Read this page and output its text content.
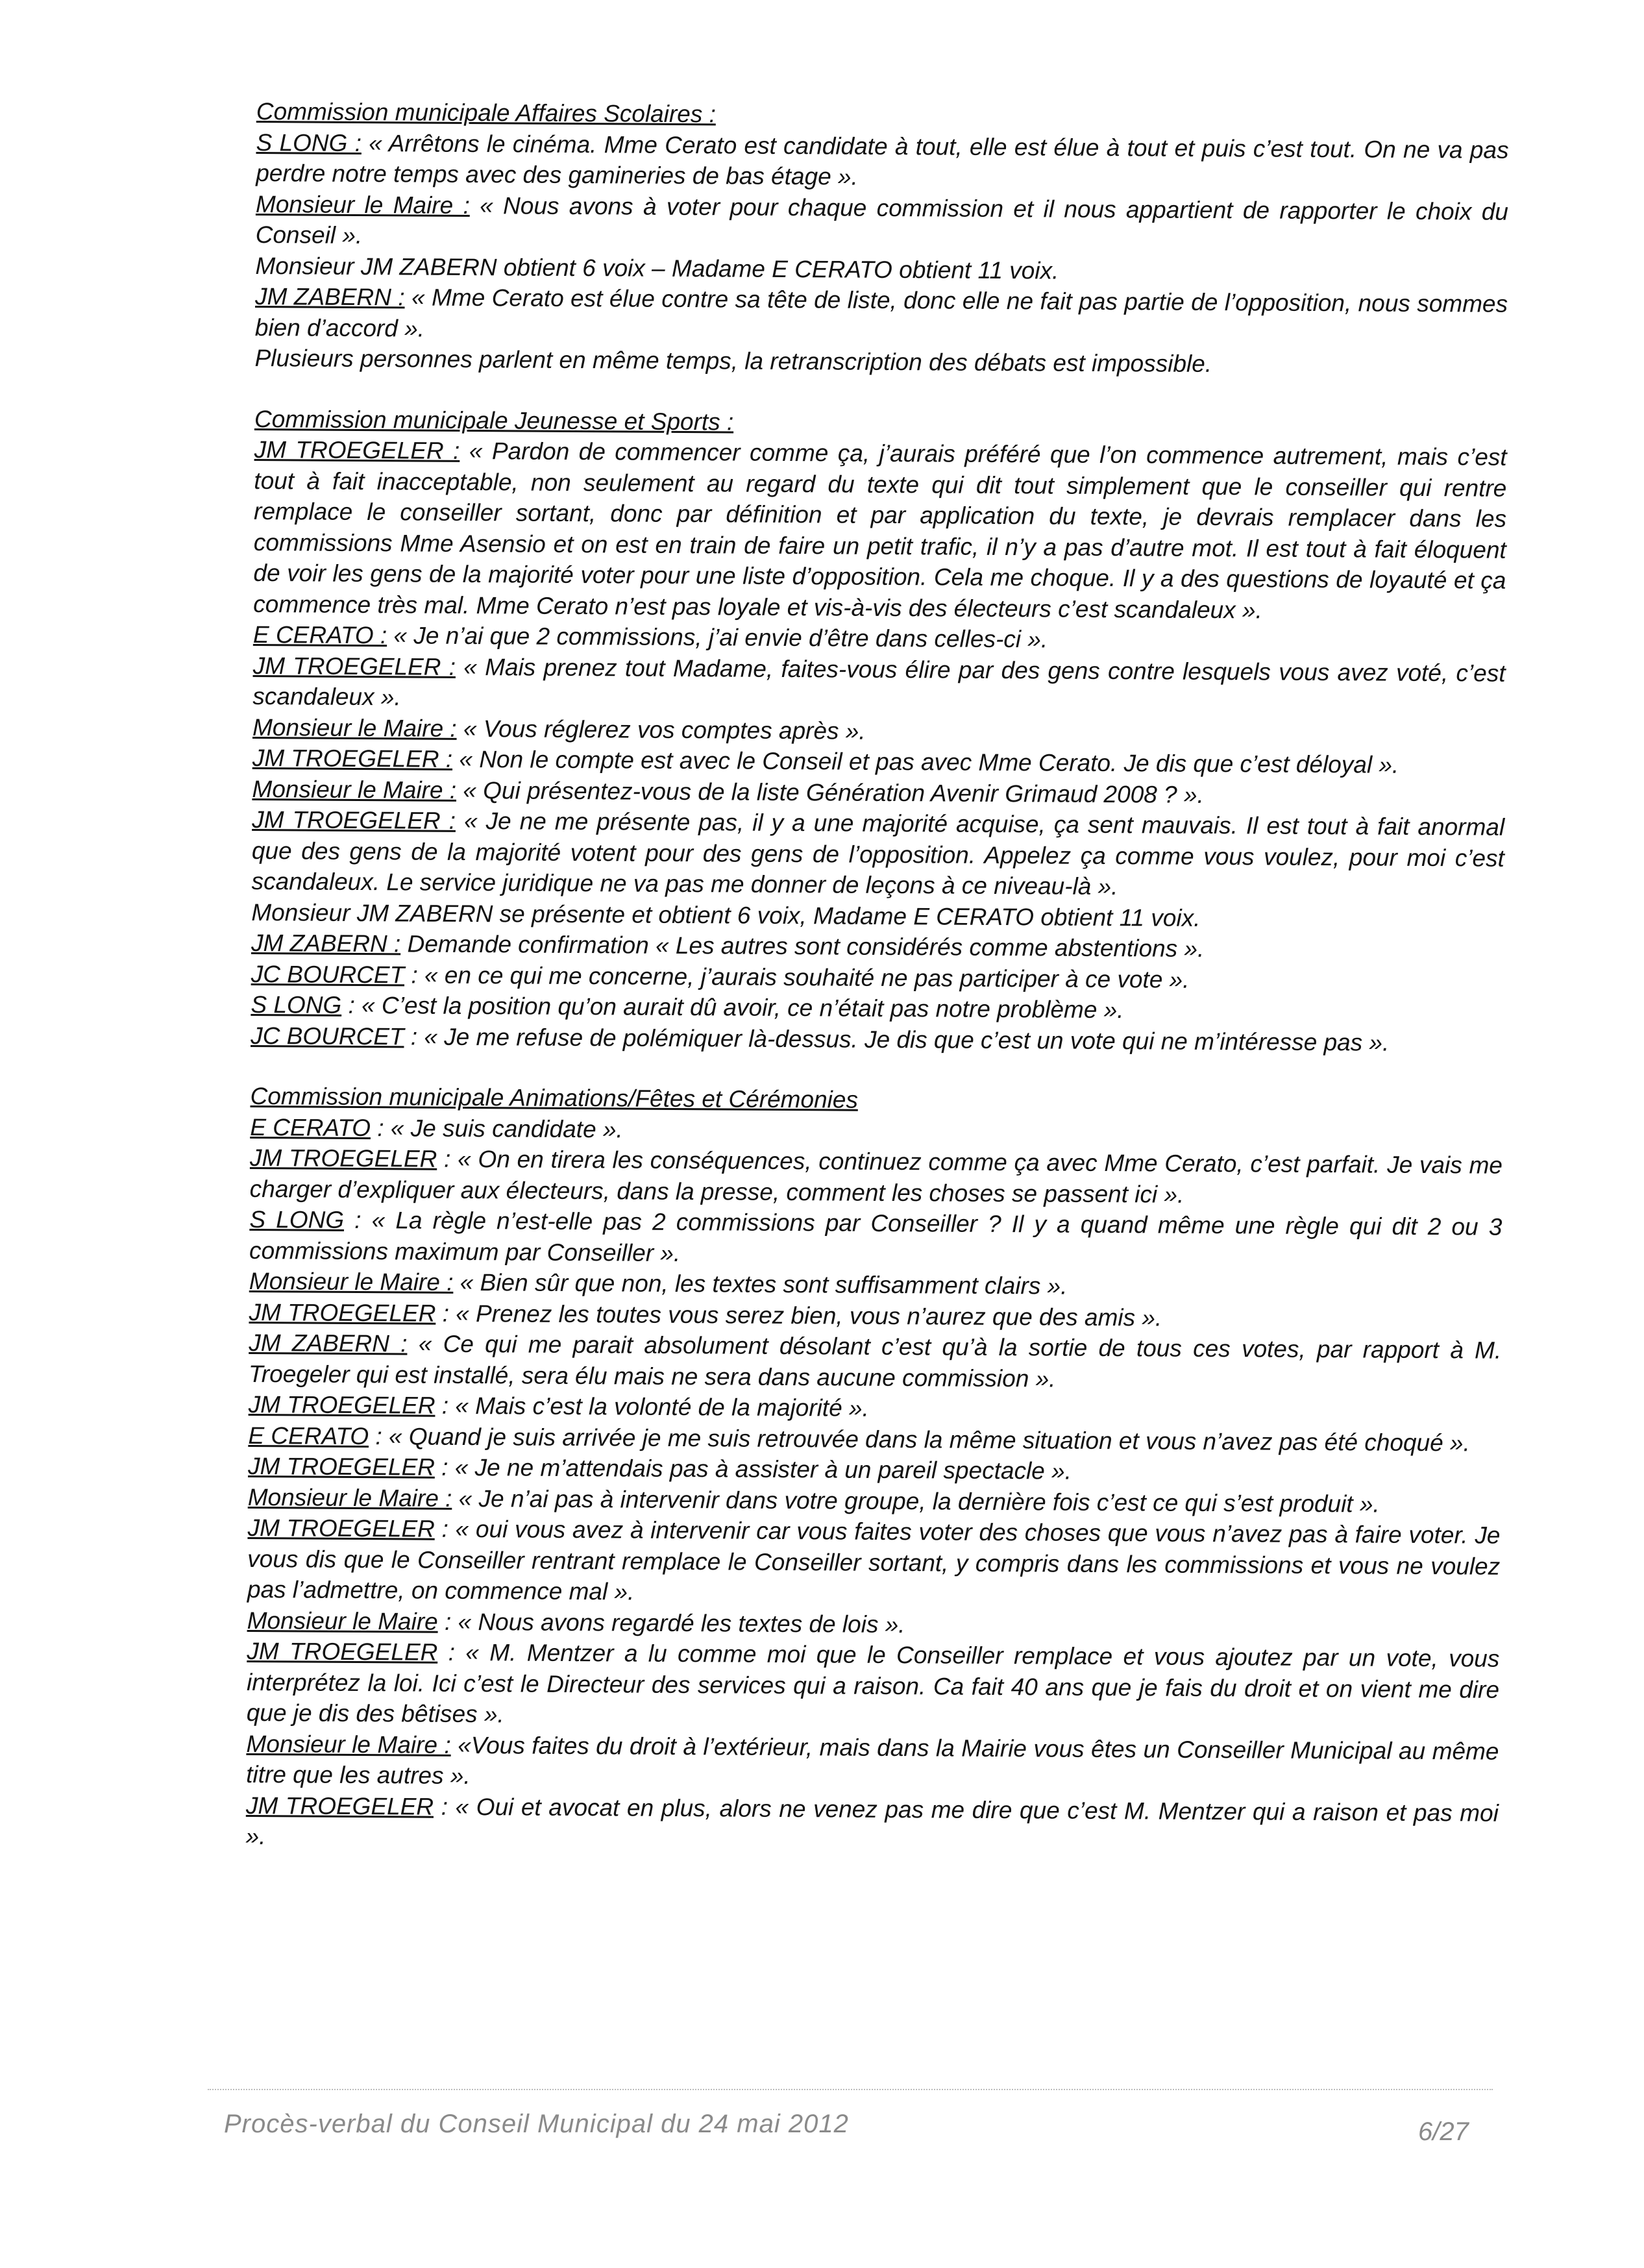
Commission municipale Affaires Scolaires :

S LONG : « Arrêtons le cinéma. Mme Cerato est candidate à tout, elle est élue à tout et puis c’est tout. On ne va pas perdre notre temps avec des gamineries de bas étage ».

Monsieur le Maire : « Nous avons à voter pour chaque commission et il nous appartient de rapporter le choix du Conseil ».

Monsieur JM ZABERN obtient 6 voix – Madame E CERATO obtient 11 voix.

JM ZABERN : « Mme Cerato est élue contre sa tête de liste, donc elle ne fait pas partie de l’opposition, nous sommes bien d’accord ».

Plusieurs personnes parlent en même temps, la retranscription des débats est impossible.

Commission municipale Jeunesse et Sports :

JM TROEGELER : « Pardon de commencer comme ça, j’aurais préféré que l’on commence autrement, mais c’est tout à fait inacceptable, non seulement au regard du texte qui dit tout simplement que le conseiller qui rentre remplace le conseiller sortant, donc par définition et par application du texte, je devrais remplacer dans les commissions Mme Asensio et on est en train de faire un petit trafic, il n’y a pas d’autre mot. Il est tout à fait éloquent de voir les gens de la majorité voter pour une liste d’opposition. Cela me choque. Il y a des questions de loyauté et ça commence très mal. Mme Cerato n’est pas loyale et vis-à-vis des électeurs c’est scandaleux ».

E CERATO : « Je n’ai que 2 commissions, j’ai envie d’être dans celles-ci ».

JM TROEGELER : « Mais prenez tout Madame, faites-vous élire par des gens contre lesquels vous avez voté, c’est scandaleux ».

Monsieur le Maire : « Vous réglerez vos comptes après ».

JM TROEGELER : « Non le compte est avec le Conseil et pas avec Mme Cerato. Je dis que c’est déloyal ».

Monsieur le Maire : « Qui présentez-vous de la liste Génération Avenir Grimaud 2008 ? ».

JM TROEGELER : « Je ne me présente pas, il y a une majorité acquise, ça sent mauvais. Il est tout à fait anormal que des gens de la majorité votent pour des gens de l’opposition. Appelez ça comme vous voulez, pour moi c’est scandaleux. Le service juridique ne va pas me donner de leçons à ce niveau-là ».

Monsieur JM ZABERN se présente et obtient 6 voix, Madame E CERATO obtient 11 voix.

JM ZABERN : Demande confirmation « Les autres sont considérés comme abstentions ».

JC BOURCET : « en ce qui me concerne, j’aurais souhaité ne pas participer à ce vote ».

S LONG : « C’est la position qu’on aurait dû avoir, ce n’était pas notre problème ».

JC BOURCET : « Je me refuse de polémiquer là-dessus. Je dis que c’est un vote qui ne m’intéresse pas ».

Commission municipale Animations/Fêtes et Cérémonies

E CERATO : « Je suis candidate ».

JM TROEGELER : « On en tirera les conséquences, continuez comme ça avec Mme Cerato, c’est parfait. Je vais me charger d’expliquer aux électeurs, dans la presse, comment les choses se passent ici ».

S LONG : « La règle n’est-elle pas 2 commissions par Conseiller ? Il y a quand même une règle qui dit 2 ou 3 commissions maximum par Conseiller ».

Monsieur le Maire : « Bien sûr que non, les textes sont suffisamment clairs ».

JM TROEGELER : « Prenez les toutes vous serez bien, vous n’aurez que des amis ».

JM ZABERN : « Ce qui me parait absolument désolant c’est qu’à la sortie de tous ces votes, par rapport à M. Troegeler qui est installé, sera élu mais ne sera dans aucune commission ».

JM TROEGELER : « Mais c’est la volonté de la majorité ».

E CERATO : « Quand je suis arrivée je me suis retrouvée dans la même situation et vous n’avez pas été choqué ».

JM TROEGELER : « Je ne m’attendais pas à assister à un pareil spectacle ».

Monsieur le Maire : « Je n’ai pas à intervenir dans votre groupe, la dernière fois c’est ce qui s’est produit ».

JM TROEGELER : « oui vous avez à intervenir car vous faites voter des choses que vous n’avez pas à faire voter. Je vous dis que le Conseiller rentrant remplace le Conseiller sortant, y compris dans les commissions et vous ne voulez pas l’admettre, on commence mal ».

Monsieur le Maire : « Nous avons regardé les textes de lois ».

JM TROEGELER : « M. Mentzer a lu comme moi que le Conseiller remplace et vous ajoutez par un vote, vous interprétez la loi. Ici c’est le Directeur des services qui a raison. Ca fait 40 ans que je fais du droit et on vient me dire que je dis des bêtises ».

Monsieur le Maire : «Vous faites du droit à l’extérieur, mais dans la Mairie vous êtes un Conseiller Municipal au même titre que les autres ».

JM TROEGELER : « Oui et avocat en plus, alors ne venez pas me dire que c’est M. Mentzer qui a raison et pas moi ».

Procès-verbal du Conseil Municipal du 24 mai 2012	6/27
